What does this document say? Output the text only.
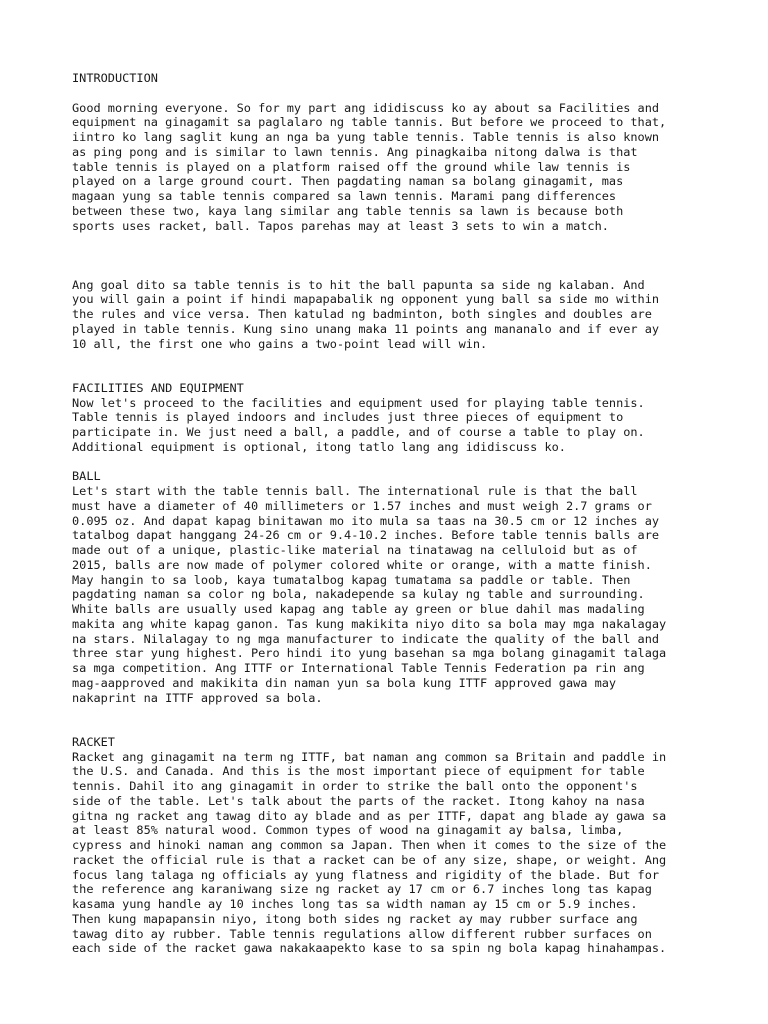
INTRODUCTION

Good morning everyone. So for my part ang ididiscuss ko ay about sa Facilities and
equipment na ginagamit sa paglalaro ng table tannis. But before we proceed to that,
iintro ko lang saglit kung an nga ba yung table tennis. Table tennis is also known
as ping pong and is similar to lawn tennis. Ang pinagkaiba nitong dalwa is that
table tennis is played on a platform raised off the ground while law tennis is
played on a large ground court. Then pagdating naman sa bolang ginagamit, mas
magaan yung sa table tennis compared sa lawn tennis. Marami pang differences
between these two, kaya lang similar ang table tennis sa lawn is because both
sports uses racket, ball. Tapos parehas may at least 3 sets to win a match.

Ang goal dito sa table tennis is to hit the ball papunta sa side ng kalaban. And
you will gain a point if hindi mapapabalik ng opponent yung ball sa side mo within
the rules and vice versa. Then katulad ng badminton, both singles and doubles are
played in table tennis. Kung sino unang maka 11 points ang mananalo and if ever ay
10 all, the first one who gains a two-point lead will win.

FACILITIES AND EQUIPMENT

Now let's proceed to the facilities and equipment used for playing table tennis.
Table tennis is played indoors and includes just three pieces of equipment to
participate in. We just need a ball, a paddle, and of course a table to play on.
Additional equipment is optional, itong tatlo lang ang ididiscuss ko.

BALL

Let's start with the table tennis ball. The international rule is that the ball
must have a diameter of 40 millimeters or 1.57 inches and must weigh 2.7 grams or
0.095 oz. And dapat kapag binitawan mo ito mula sa taas na 30.5 cm or 12 inches ay
tatalbog dapat hanggang 24-26 cm or 9.4-10.2 inches. Before table tennis balls are
made out of a unique, plastic-like material na tinatawag na celluloid but as of
2015, balls are now made of polymer colored white or orange, with a matte finish.
May hangin to sa loob, kaya tumatalbog kapag tumatama sa paddle or table. Then
pagdating naman sa color ng bola, nakadepende sa kulay ng table and surrounding.
White balls are usually used kapag ang table ay green or blue dahil mas madaling
makita ang white kapag ganon. Tas kung makikita niyo dito sa bola may mga nakalagay
na stars. Nilalagay to ng mga manufacturer to indicate the quality of the ball and
three star yung highest. Pero hindi ito yung basehan sa mga bolang ginagamit talaga
sa mga competition. Ang ITTF or International Table Tennis Federation pa rin ang
mag-aapproved and makikita din naman yun sa bola kung ITTF approved gawa may
nakaprint na ITTF approved sa bola.

RACKET

Racket ang ginagamit na term ng ITTF, bat naman ang common sa Britain and paddle in
the U.S. and Canada. And this is the most important piece of equipment for table
tennis. Dahil ito ang ginagamit in order to strike the ball onto the opponent's
side of the table. Let's talk about the parts of the racket. Itong kahoy na nasa
gitna ng racket ang tawag dito ay blade and as per ITTF, dapat ang blade ay gawa sa
at least 85% natural wood. Common types of wood na ginagamit ay balsa, limba,
cypress and hinoki naman ang common sa Japan. Then when it comes to the size of the
racket the official rule is that a racket can be of any size, shape, or weight. Ang
focus lang talaga ng officials ay yung flatness and rigidity of the blade. But for
the reference ang karaniwang size ng racket ay 17 cm or 6.7 inches long tas kapag
kasama yung handle ay 10 inches long tas sa width naman ay 15 cm or 5.9 inches.
Then kung mapapansin niyo, itong both sides ng racket ay may rubber surface ang
tawag dito ay rubber. Table tennis regulations allow different rubber surfaces on
each side of the racket gawa nakakaapekto kase to sa spin ng bola kapag hinahampas.
